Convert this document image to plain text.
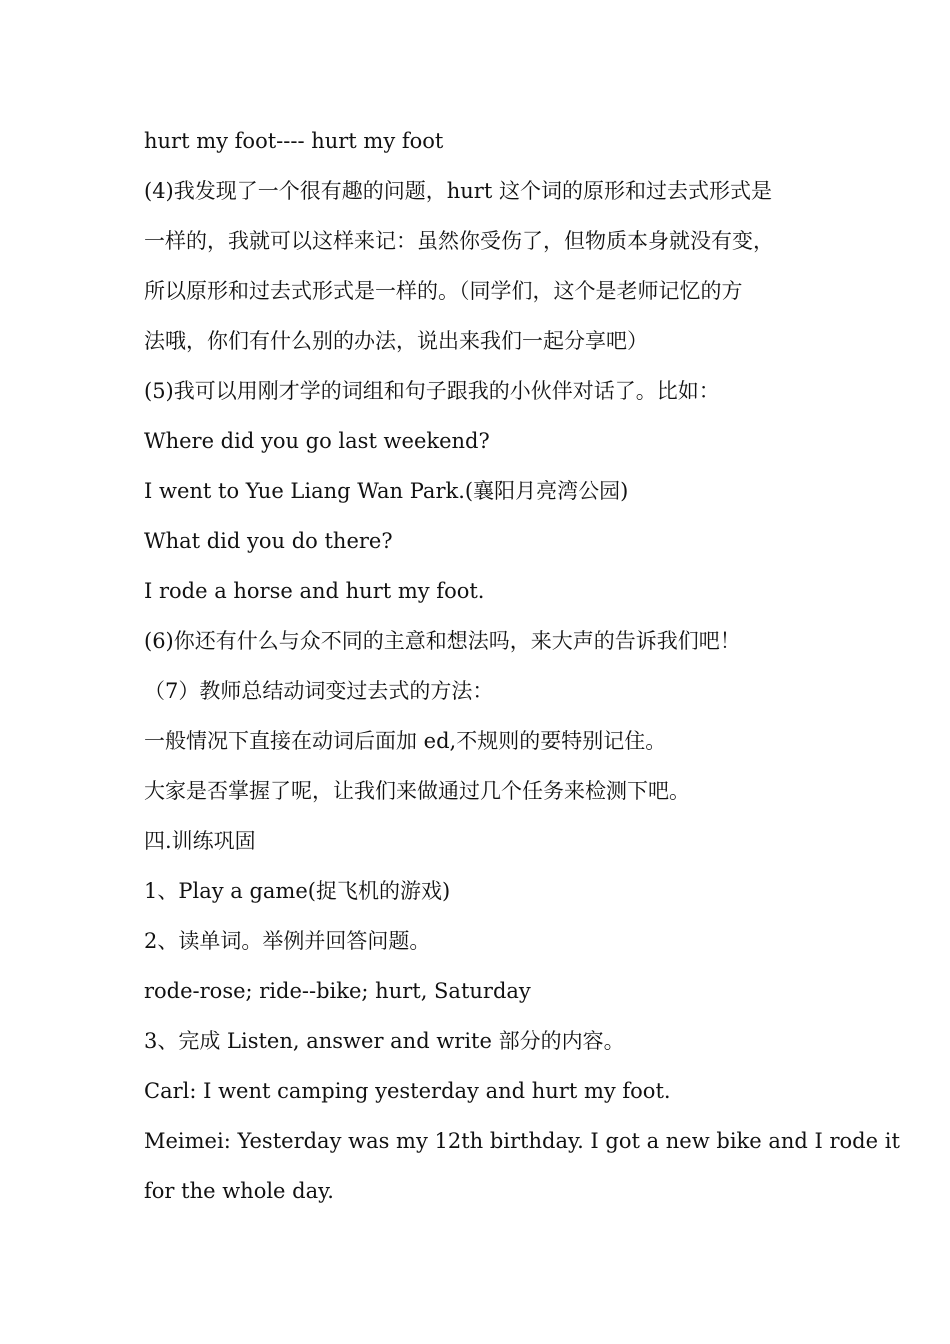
hurt my foot---- hurt my foot
(4)我发现了一个很有趣的问题，hurt 这个词的原形和过去式形式是
一样的，我就可以这样来记：虽然你受伤了，但物质本身就没有变，
所以原形和过去式形式是一样的。（同学们，这个是老师记忆的方
法哦，你们有什么别的办法，说出来我们一起分享吧）
(5)我可以用刚才学的词组和句子跟我的小伙伴对话了。比如：
Where did you go last weekend?
I went to Yue Liang Wan Park.(襄阳月亮湾公园)
What did you do there?
I rode a horse and hurt my foot.
(6)你还有什么与众不同的主意和想法吗，来大声的告诉我们吧！
（7）教师总结动词变过去式的方法：
一般情况下直接在动词后面加 ed,不规则的要特别记住。
大家是否掌握了呢，让我们来做通过几个任务来检测下吧。
四.训练巩固
1、Play a game(捉飞机的游戏)
2、读单词。举例并回答问题。
rode-rose; ride--bike; hurt, Saturday
3、完成 Listen, answer and write 部分的内容。
Carl: I went camping yesterday and hurt my foot.
Meimei: Yesterday was my 12th birthday. I got a new bike and I rode it
for the whole day.
